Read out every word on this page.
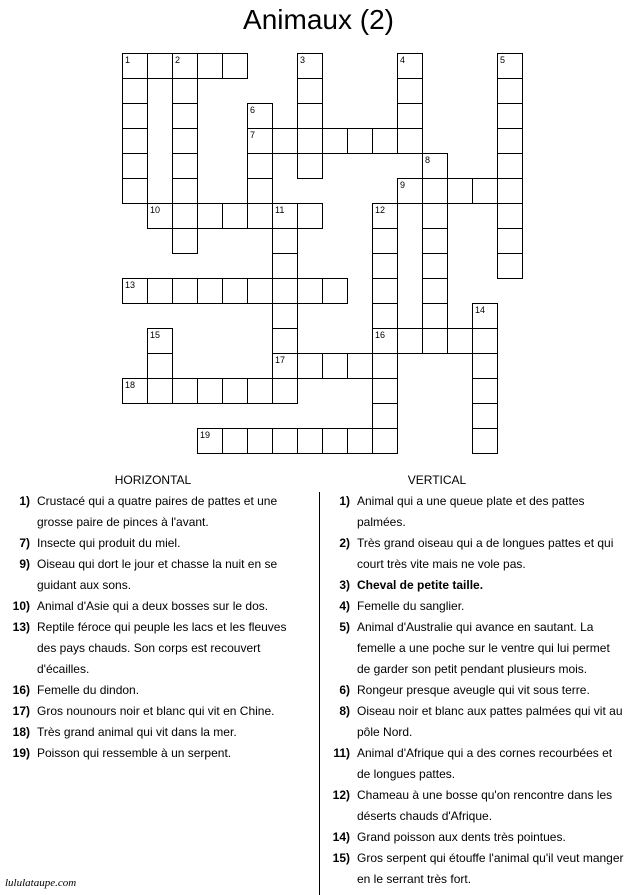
Animaux (2)
1	2	3	4	5
6
7
8
9
10	11
17
12
16
13
14
15
18
19
HORIZONTAL	VERTICAL
1) Crustacé qui a quatre paires de pattes et une
grosse paire de pinces à l'avant.
7) Insecte qui produit du miel.
9) Oiseau qui dort le jour et chasse la nuit en se
guidant aux sons.
10) Animal d'Asie qui a deux bosses sur le dos.
13) Reptile féroce qui peuple les lacs et les fleuves
des pays chauds. Son corps est recouvert
d'écailles.
16) Femelle du dindon.
17) Gros nounours noir et blanc qui vit en Chine.
18) Très grand animal qui vit dans la mer.
19) Poisson qui ressemble à un serpent.
1) Animal qui a une queue plate et des pattes
palmées.
2) Très grand oiseau qui a de longues pattes et qui
court très vite mais ne vole pas.
3) Cheval de petite taille.
4) Femelle du sanglier.
5) Animal d'Australie qui avance en sautant. La
femelle a une poche sur le ventre qui lui permet
de garder son petit pendant plusieurs mois.
6) Rongeur presque aveugle qui vit sous terre.
8) Oiseau noir et blanc aux pattes palmées qui vit au
pôle Nord.
11) Animal d'Afrique qui a des cornes recourbées et
de longues pattes.
12) Chameau à une bosse qu'on rencontre dans les
déserts chauds d'Afrique.
14) Grand poisson aux dents très pointues.
15) Gros serpent qui étouffe l'animal qu'il veut manger
en le serrant très fort.
lululataupe.com
